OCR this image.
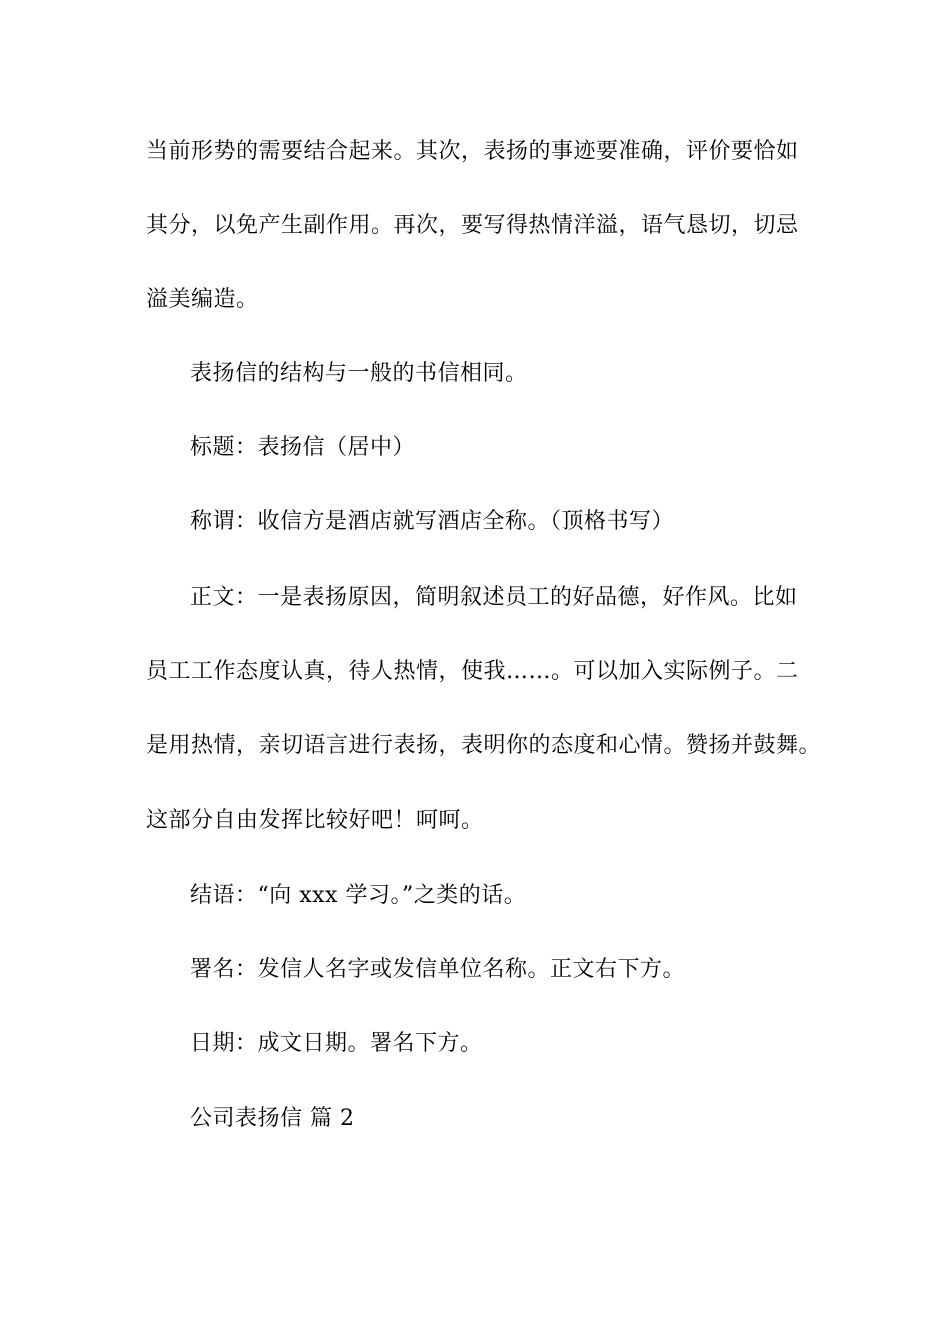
当前形势的需要结合起来。其次，表扬的事迹要准确，评价要恰如
其分，以免产生副作用。再次，要写得热情洋溢，语气恳切，切忌
溢美编造。
表扬信的结构与一般的书信相同。
标题：表扬信（居中）
称谓：收信方是酒店就写酒店全称。（顶格书写）
正文：一是表扬原因，简明叙述员工的好品德，好作风。比如
员工工作态度认真，待人热情，使我……。可以加入实际例子。二
是用热情，亲切语言进行表扬，表明你的态度和心情。赞扬并鼓舞。
这部分自由发挥比较好吧！呵呵。
结语：“向 xxx 学习。”之类的话。
署名：发信人名字或发信单位名称。正文右下方。
日期：成文日期。署名下方。
公司表扬信 篇 2
